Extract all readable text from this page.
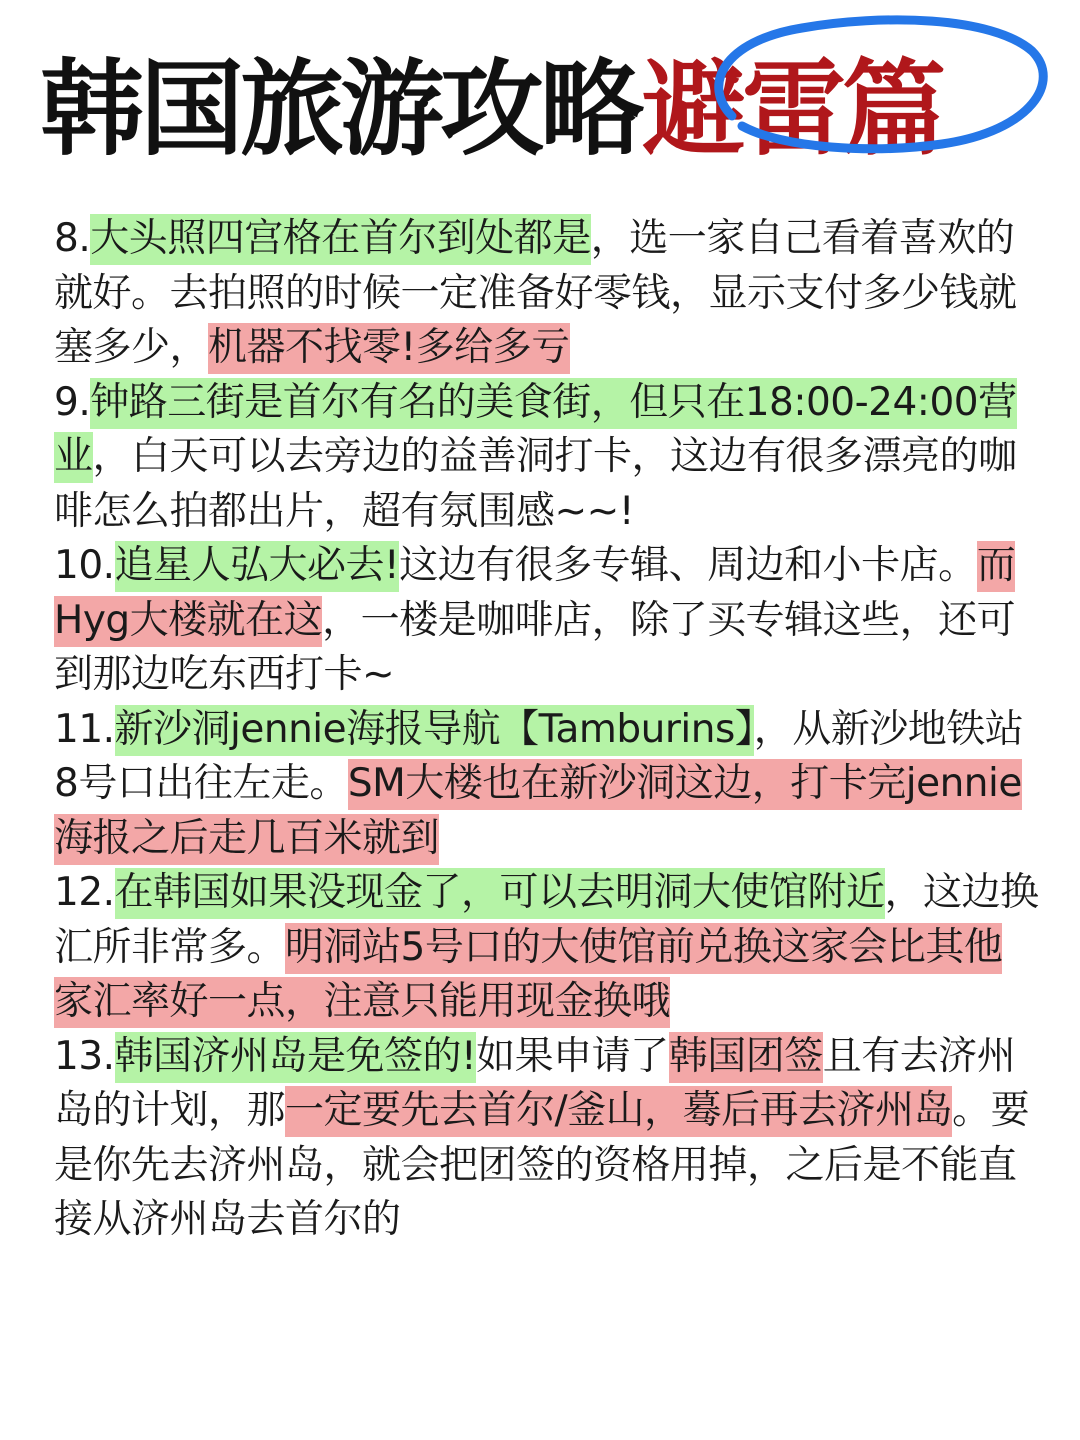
韩国旅游攻略避雷篇

8.大头照四宫格在首尔到处都是，选一家自己看着喜欢的就好。去拍照的时候一定准备好零钱，显示支付多少钱就塞多少，机器不找零!多给多亏

9.钟路三街是首尔有名的美食街，但只在18:00-24:00营业，白天可以去旁边的益善洞打卡，这边有很多漂亮的咖啡怎么拍都出片，超有氛围感~~!

10.追星人弘大必去!这边有很多专辑、周边和小卡店。而Hyg大楼就在这，一楼是咖啡店，除了买专辑这些，还可到那边吃东西打卡~

11.新沙洞jennie海报导航【Tamburins】，从新沙地铁站8号口出往左走。SM大楼也在新沙洞这边，打卡完jennie海报之后走几百米就到

12.在韩国如果没现金了，可以去明洞大使馆附近，这边换汇所非常多。明洞站5号口的大使馆前兑换这家会比其他家汇率好一点，注意只能用现金换哦

13.韩国济州岛是免签的!如果申请了韩国团签且有去济州岛的计划，那一定要先去首尔/釜山，蓦后再去济州岛。要是你先去济州岛，就会把团签的资格用掉，之后是不能直接从济州岛去首尔的
